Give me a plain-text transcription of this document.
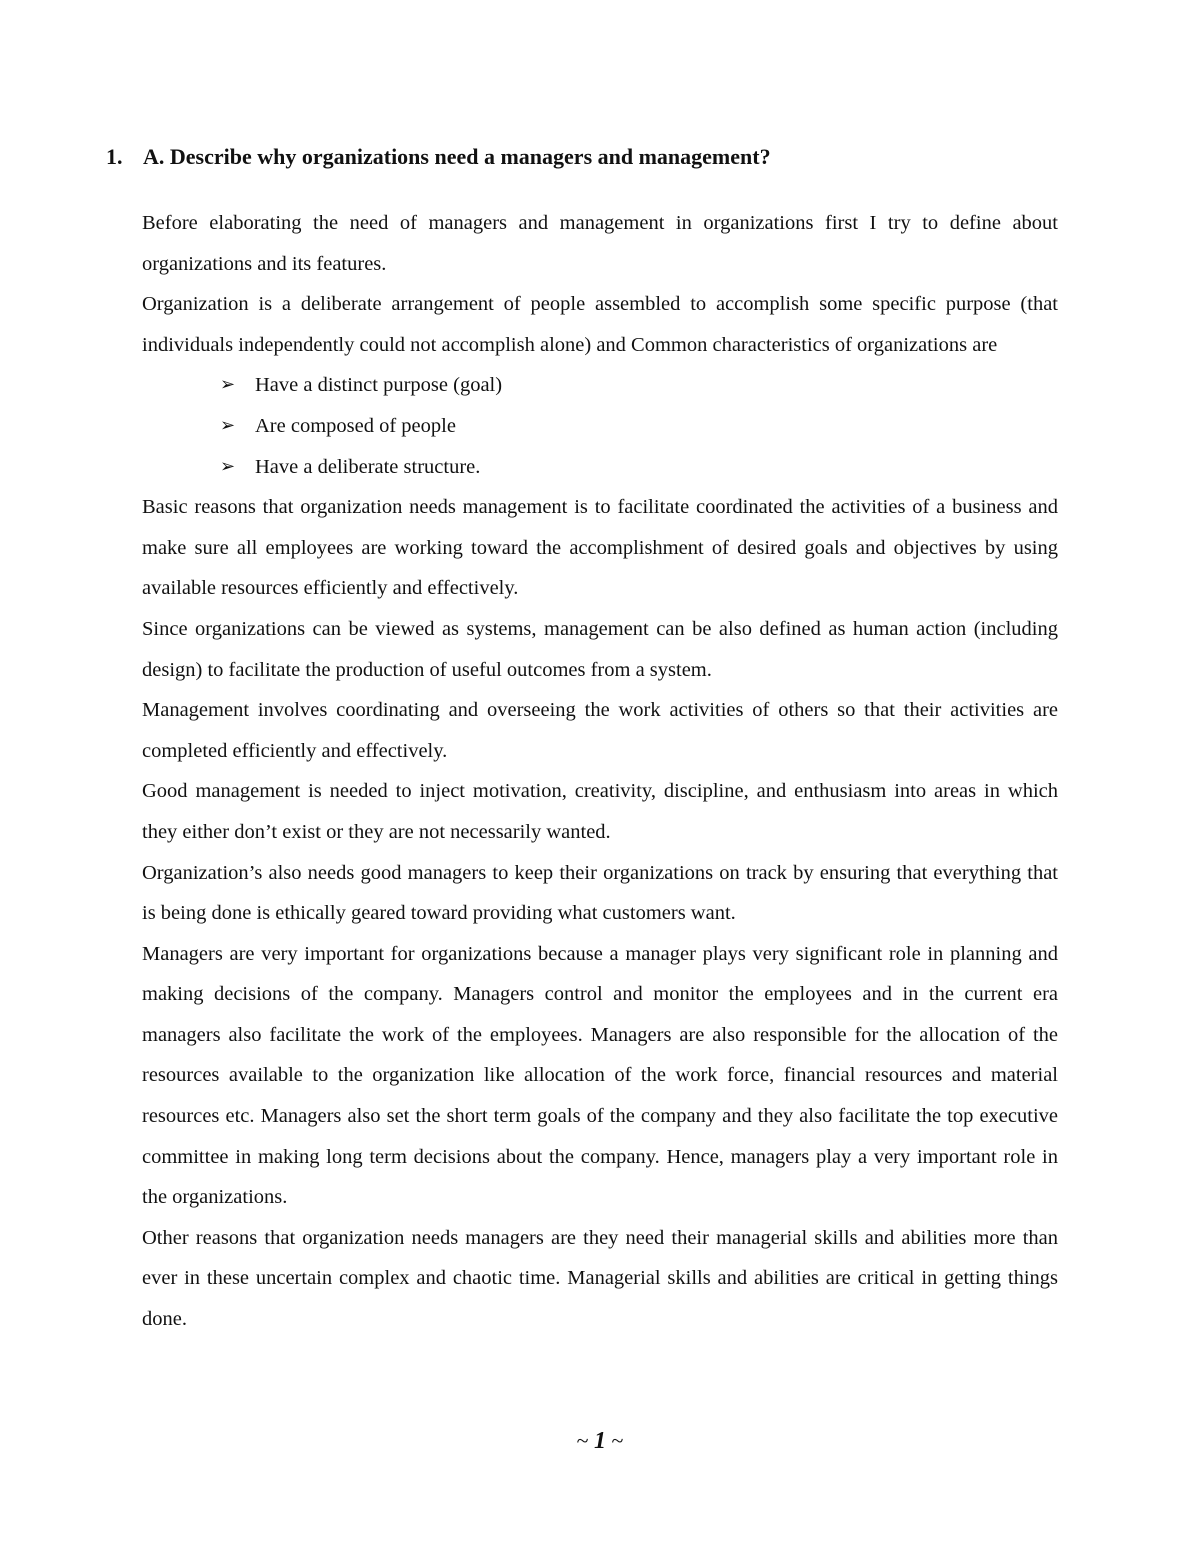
1. A. Describe why organizations need a managers and management?

Before elaborating the need of managers and management in organizations first I try to define about organizations and its features.

Organization is a deliberate arrangement of people assembled to accomplish some specific purpose (that individuals independently could not accomplish alone) and Common characteristics of organizations are

➢ Have a distinct purpose (goal)
➢ Are composed of people
➢ Have a deliberate structure.

Basic reasons that organization needs management is to facilitate coordinated the activities of a business and make sure all employees are working toward the accomplishment of desired goals and objectives by using available resources efficiently and effectively.

Since organizations can be viewed as systems, management can be also defined as human action (including design) to facilitate the production of useful outcomes from a system.

Management involves coordinating and overseeing the work activities of others so that their activities are completed efficiently and effectively.

Good management is needed to inject motivation, creativity, discipline, and enthusiasm into areas in which they either don’t exist or they are not necessarily wanted.

Organization’s also needs good managers to keep their organizations on track by ensuring that everything that is being done is ethically geared toward providing what customers want.

Managers are very important for organizations because a manager plays very significant role in planning and making decisions of the company. Managers control and monitor the employees and in the current era managers also facilitate the work of the employees. Managers are also responsible for the allocation of the resources available to the organization like allocation of the work force, financial resources and material resources etc. Managers also set the short term goals of the company and they also facilitate the top executive committee in making long term decisions about the company. Hence, managers play a very important role in the organizations.

Other reasons that organization needs managers are they need their managerial skills and abilities more than ever in these uncertain complex and chaotic time. Managerial skills and abilities are critical in getting things done.

~ 1 ~
